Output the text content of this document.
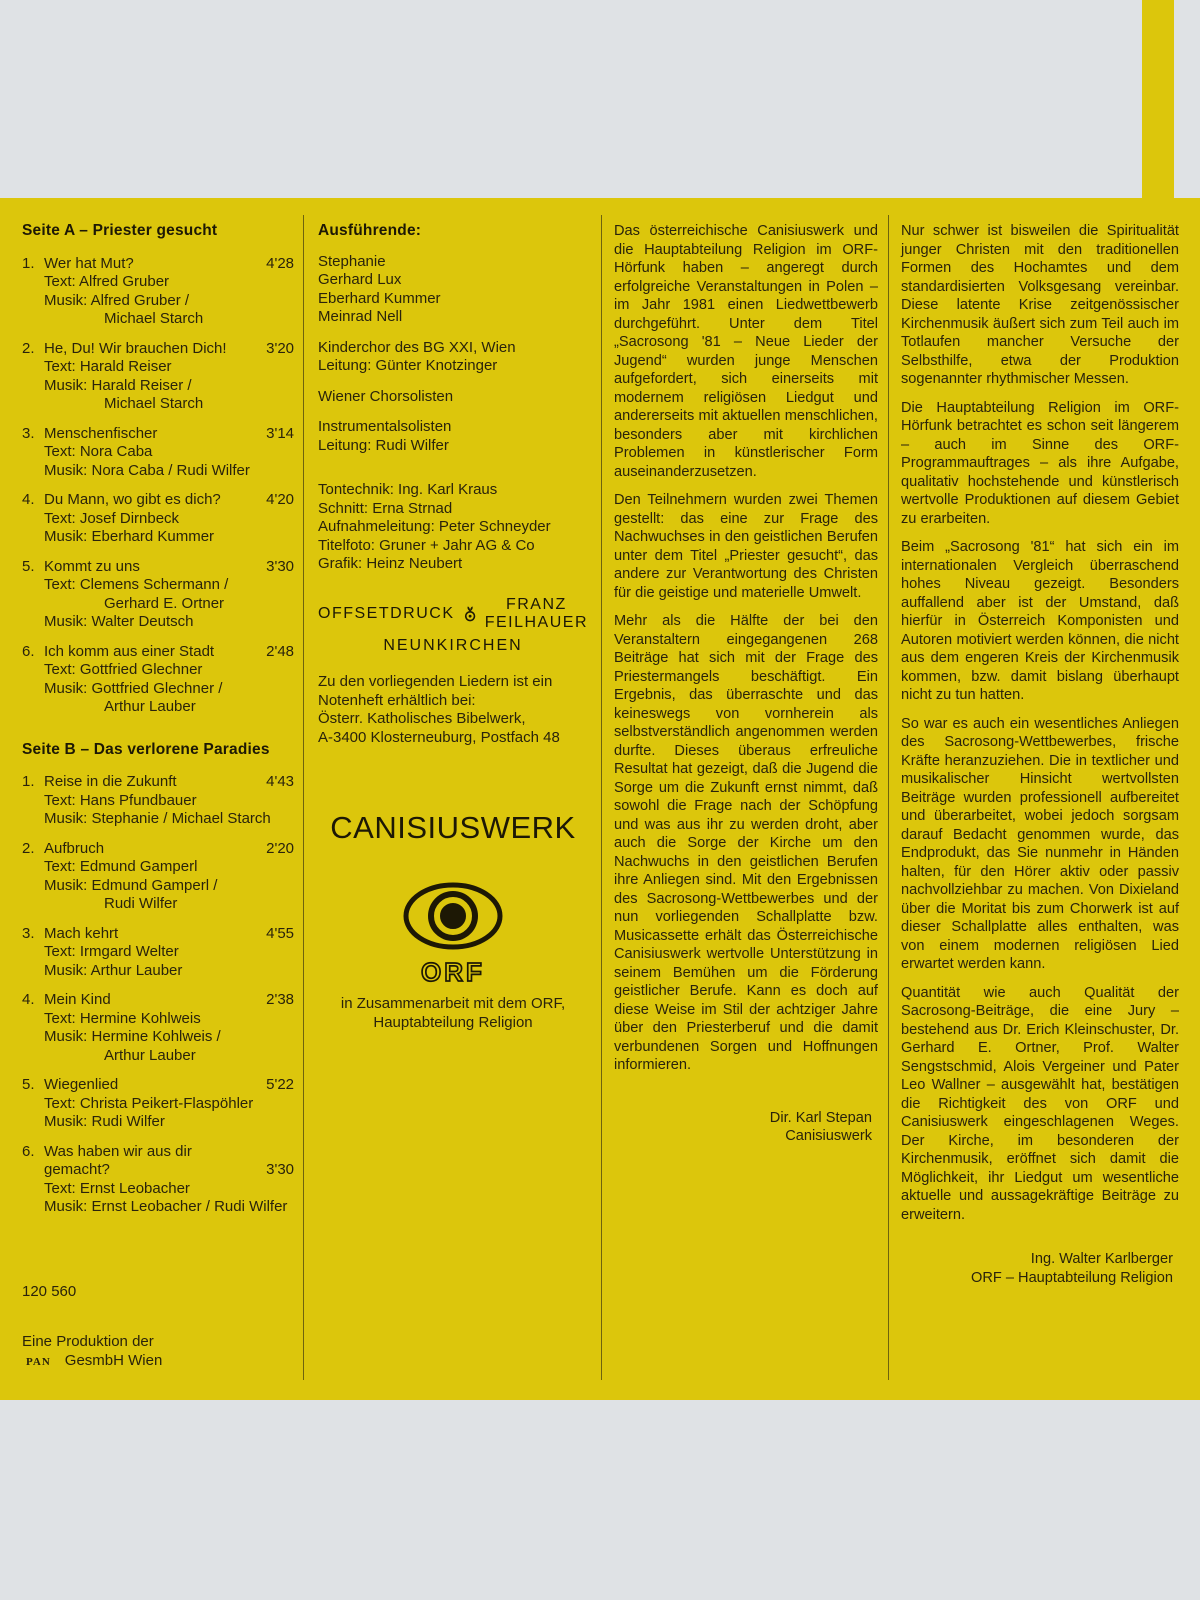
Seite A – Priester gesucht
1. Wer hat Mut?	4'28
Text: Alfred Gruber
Musik: Alfred Gruber /
Michael Starch
2. He, Du! Wir brauchen Dich!	3'20
Text: Harald Reiser
Musik: Harald Reiser /
Michael Starch
3. Menschenfischer	3'14
Text: Nora Caba
Musik: Nora Caba / Rudi Wilfer
4. Du Mann, wo gibt es dich?	4'20
Text: Josef Dirnbeck
Musik: Eberhard Kummer
5. Kommt zu uns	3'30
Text: Clemens Schermann /
Gerhard E. Ortner
Musik: Walter Deutsch
6. Ich komm aus einer Stadt	2'48
Text: Gottfried Glechner
Musik: Gottfried Glechner /
Arthur Lauber
Seite B – Das verlorene Paradies
1. Reise in die Zukunft	4'43
Text: Hans Pfundbauer
Musik: Stephanie / Michael Starch
2. Aufbruch	2'20
Text: Edmund Gamperl
Musik: Edmund Gamperl /
Rudi Wilfer
3. Mach kehrt	4'55
Text: Irmgard Welter
Musik: Arthur Lauber
4. Mein Kind	2'38
Text: Hermine Kohlweis
Musik: Hermine Kohlweis /
Arthur Lauber
5. Wiegenlied	5'22
Text: Christa Peikert-Flaspöhler
Musik: Rudi Wilfer
6. Was haben wir aus dir
gemacht?	3'30
Text: Ernst Leobacher
Musik: Ernst Leobacher / Rudi Wilfer
120 560
Eine Produktion der
PAN GesmbH Wien
Ausführende:
Stephanie
Gerhard Lux
Eberhard Kummer
Meinrad Nell
Kinderchor des BG XXI, Wien
Leitung: Günter Knotzinger
Wiener Chorsolisten
Instrumentalsolisten
Leitung: Rudi Wilfer
Tontechnik: Ing. Karl Kraus
Schnitt: Erna Strnad
Aufnahmeleitung: Peter Schneyder
Titelfoto: Gruner + Jahr AG & Co
Grafik: Heinz Neubert
OFFSETDRUCK
FRANZ FEILHAUER
NEUNKIRCHEN
Zu den vorliegenden Liedern ist ein
Notenheft erhältlich bei:
Österr. Katholisches Bibelwerk,
A-3400 Klosterneuburg, Postfach 48
CANISIUSWERK
ORF
in Zusammenarbeit mit dem ORF,
Hauptabteilung Religion

Das österreichische Canisiuswerk und die Hauptabteilung Religion im ORF-Hörfunk haben – angeregt durch erfolgreiche Veranstaltungen in Polen – im Jahr 1981 einen Liedwettbewerb durchgeführt. Unter dem Titel „Sacrosong '81 – Neue Lieder der Jugend“ wurden junge Menschen aufgefordert, sich einerseits mit modernem religiösen Liedgut und andererseits mit aktuellen menschlichen, besonders aber mit kirchlichen Problemen in künstlerischer Form auseinanderzusetzen.

Den Teilnehmern wurden zwei Themen gestellt: das eine zur Frage des Nachwuchses in den geistlichen Berufen unter dem Titel „Priester gesucht“, das andere zur Verantwortung des Christen für die geistige und materielle Umwelt.

Mehr als die Hälfte der bei den Veranstaltern eingegangenen 268 Beiträge hat sich mit der Frage des Priestermangels beschäftigt. Ein Ergebnis, das überraschte und das keineswegs von vornherein als selbstverständlich angenommen werden durfte. Dieses überaus erfreuliche Resultat hat gezeigt, daß die Jugend die Sorge um die Zukunft ernst nimmt, daß sowohl die Frage nach der Schöpfung und was aus ihr zu werden droht, aber auch die Sorge der Kirche um den Nachwuchs in den geistlichen Berufen ihre Anliegen sind. Mit den Ergebnissen des Sacrosong-Wettbewerbes und der nun vorliegenden Schallplatte bzw. Musicassette erhält das Österreichische Canisiuswerk wertvolle Unterstützung in seinem Bemühen um die Förderung geistlicher Berufe. Kann es doch auf diese Weise im Stil der achtziger Jahre über den Priesterberuf und die damit verbundenen Sorgen und Hoffnungen informieren.

Dir. Karl Stepan
Canisiuswerk

Nur schwer ist bisweilen die Spiritualität junger Christen mit den traditionellen Formen des Hochamtes und dem standardisierten Volksgesang vereinbar. Diese latente Krise zeitgenössischer Kirchenmusik äußert sich zum Teil auch im Totlaufen mancher Versuche der Selbsthilfe, etwa der Produktion sogenannter rhythmischer Messen.

Die Hauptabteilung Religion im ORF-Hörfunk betrachtet es schon seit längerem – auch im Sinne des ORF-Programmauftrages – als ihre Aufgabe, qualitativ hochstehende und künstlerisch wertvolle Produktionen auf diesem Gebiet zu erarbeiten.

Beim „Sacrosong '81“ hat sich ein im internationalen Vergleich überraschend hohes Niveau gezeigt. Besonders auffallend aber ist der Umstand, daß hierfür in Österreich Komponisten und Autoren motiviert werden können, die nicht aus dem engeren Kreis der Kirchenmusik kommen, bzw. damit bislang überhaupt nicht zu tun hatten.

So war es auch ein wesentliches Anliegen des Sacrosong-Wettbewerbes, frische Kräfte heranzuziehen. Die in textlicher und musikalischer Hinsicht wertvollsten Beiträge wurden professionell aufbereitet und überarbeitet, wobei jedoch sorgsam darauf Bedacht genommen wurde, das Endprodukt, das Sie nunmehr in Händen halten, für den Hörer aktiv oder passiv nachvollziehbar zu machen. Von Dixieland über die Moritat bis zum Chorwerk ist auf dieser Schallplatte alles enthalten, was von einem modernen religiösen Lied erwartet werden kann.

Quantität wie auch Qualität der Sacrosong-Beiträge, die eine Jury – bestehend aus Dr. Erich Kleinschuster, Dr. Gerhard E. Ortner, Prof. Walter Sengstschmid, Alois Vergeiner und Pater Leo Wallner – ausgewählt hat, bestätigen die Richtigkeit des von ORF und Canisiuswerk eingeschlagenen Weges. Der Kirche, im besonderen der Kirchenmusik, eröffnet sich damit die Möglichkeit, ihr Liedgut um wesentliche aktuelle und aussagekräftige Beiträge zu erweitern.

Ing. Walter Karlberger
ORF – Hauptabteilung Religion
